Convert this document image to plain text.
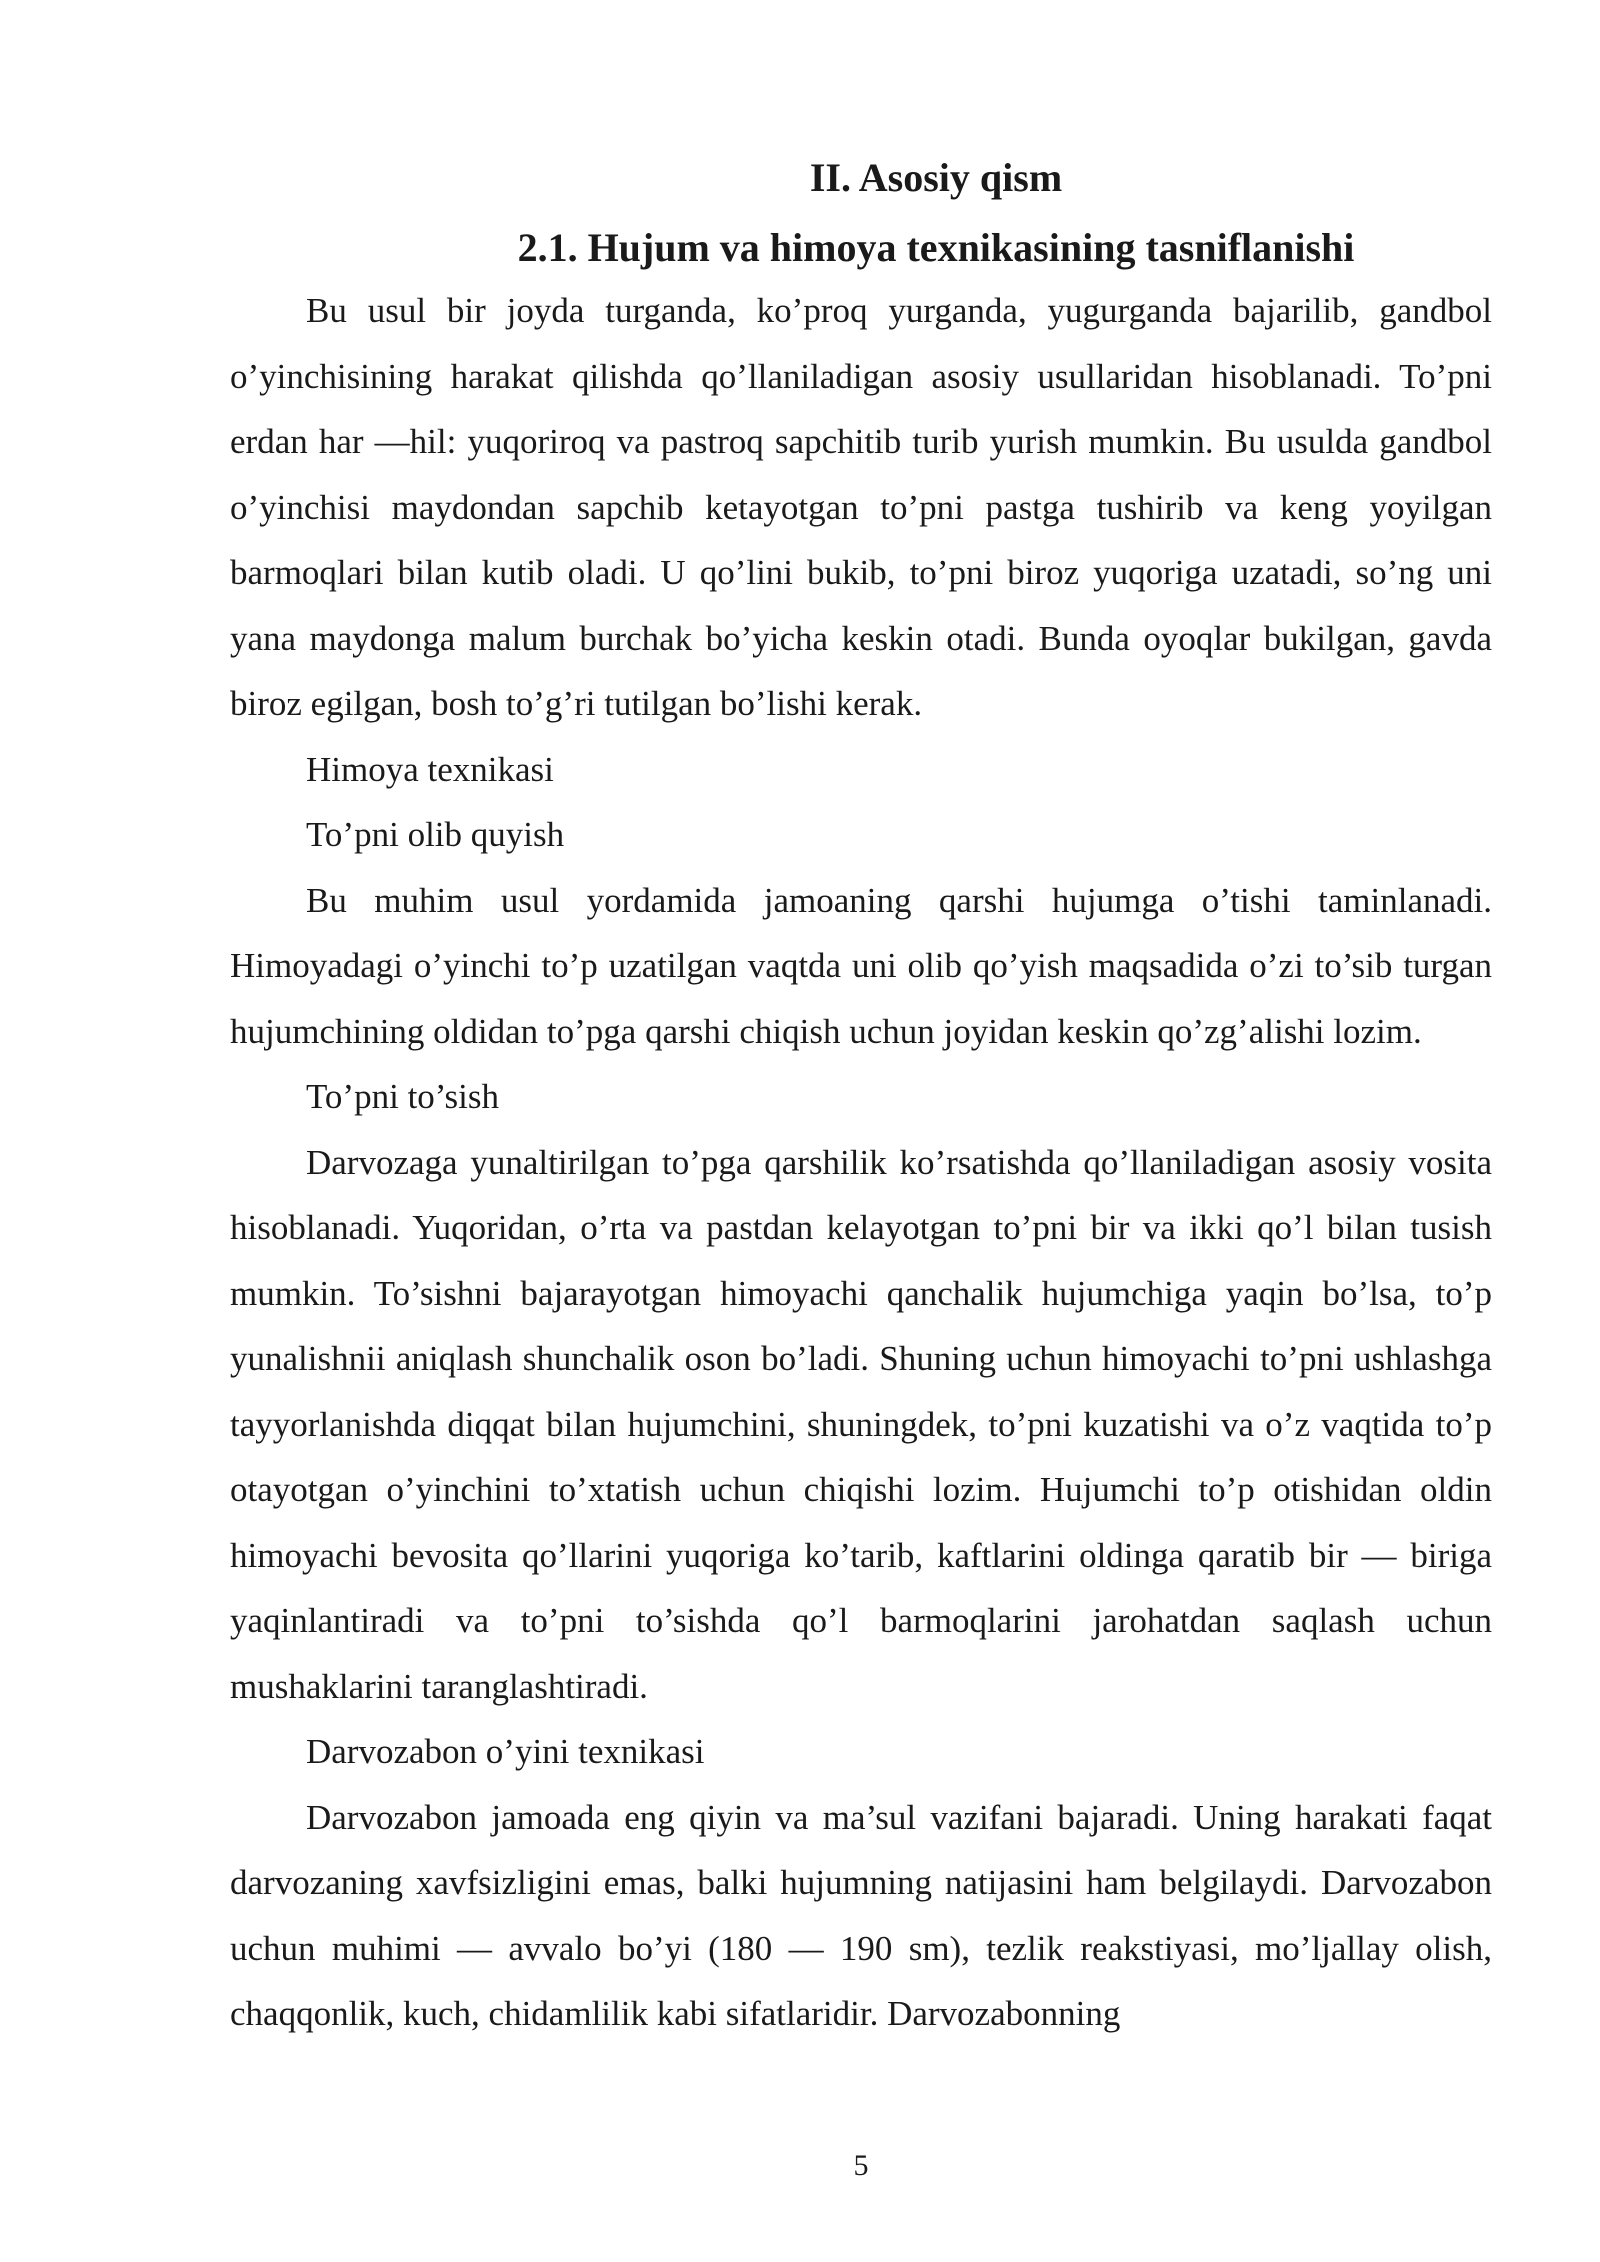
II. Asosiy qism
2.1. Hujum va himoya texnikasining tasniflanishi

Bu usul bir joyda turganda, ko’proq yurganda, yugurganda bajarilib, gandbol o’yinchisining harakat qilishda qo’llaniladigan asosiy usullaridan hisoblanadi. To’pni erdan har —hil: yuqoriroq va pastroq sapchitib turib yurish mumkin. Bu usulda gandbol o’yinchisi maydondan sapchib ketayotgan to’pni pastga tushirib va keng yoyilgan barmoqlari bilan kutib oladi. U qo’lini bukib, to’pni biroz yuqoriga uzatadi, so’ng uni yana maydonga malum burchak bo’yicha keskin otadi. Bunda oyoqlar bukilgan, gavda biroz egilgan, bosh to’g’ri tutilgan bo’lishi kerak.

Himoya texnikasi

To’pni olib quyish

Bu muhim usul yordamida jamoaning qarshi hujumga o’tishi taminlanadi. Himoyadagi o’yinchi to’p uzatilgan vaqtda uni olib qo’yish maqsadida o’zi to’sib turgan hujumchining oldidan to’pga qarshi chiqish uchun joyidan keskin qo’zg’alishi lozim.

To’pni to’sish

Darvozaga yunaltirilgan to’pga qarshilik ko’rsatishda qo’llaniladigan asosiy vosita hisoblanadi. Yuqoridan, o’rta va pastdan kelayotgan to’pni bir va ikki qo’l bilan tusish mumkin. To’sishni bajarayotgan himoyachi qanchalik hujumchiga yaqin bo’lsa, to’p yunalishnii aniqlash shunchalik oson bo’ladi. Shuning uchun himoyachi to’pni ushlashga tayyorlanishda diqqat bilan hujumchini, shuningdek, to’pni kuzatishi va o’z vaqtida to’p otayotgan o’yinchini to’xtatish uchun chiqishi lozim. Hujumchi to’p otishidan oldin himoyachi bevosita qo’llarini yuqoriga ko’tarib, kaftlarini oldinga qaratib bir — biriga yaqinlantiradi va to’pni to’sishda qo’l barmoqlarini jarohatdan saqlash uchun mushaklarini taranglashtiradi.

Darvozabon o’yini texnikasi

Darvozabon jamoada eng qiyin va ma’sul vazifani bajaradi. Uning harakati faqat darvozaning xavfsizligini emas, balki hujumning natijasini ham belgilaydi. Darvozabon uchun muhimi — avvalo bo’yi (180 — 190 sm), tezlik reakstiyasi, mo’ljallay olish, chaqqonlik, kuch, chidamlilik kabi sifatlaridir. Darvozabonning

5
